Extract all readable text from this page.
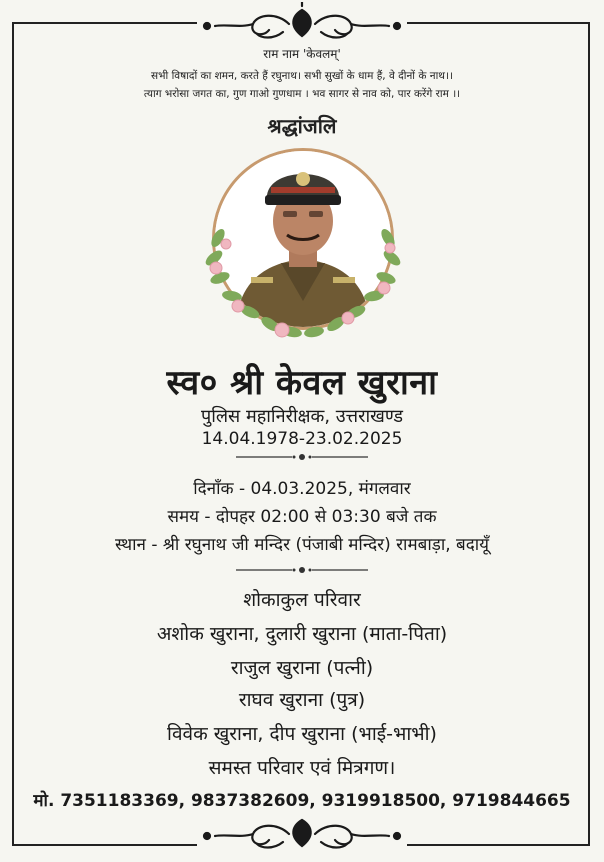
राम नाम 'केवलम्'
सभी विषादों का शमन, करते हैं रघुनाथ। सभी सुखों के धाम हैं, वे दीनों के नाथ।।
त्याग भरोसा जगत का, गुण गाओ गुणधाम । भव सागर से नाव को, पार करेंगे राम ।।
श्रद्धांजलि
स्व० श्री केवल खुराना
पुलिस महानिरीक्षक, उत्तराखण्ड
14.04.1978-23.02.2025
दिनाँक - 04.03.2025, मंगलवार
समय - दोपहर 02:00 से 03:30 बजे तक
स्थान - श्री रघुनाथ जी मन्दिर (पंजाबी मन्दिर) रामबाड़ा, बदायूँ
शोकाकुल परिवार
अशोक खुराना, दुलारी खुराना (माता-पिता)
राजुल खुराना (पत्नी)
राघव खुराना (पुत्र)
विवेक खुराना, दीप खुराना (भाई-भाभी)
समस्त परिवार एवं मित्रगण।
मो. 7351183369, 9837382609, 9319918500, 9719844665
